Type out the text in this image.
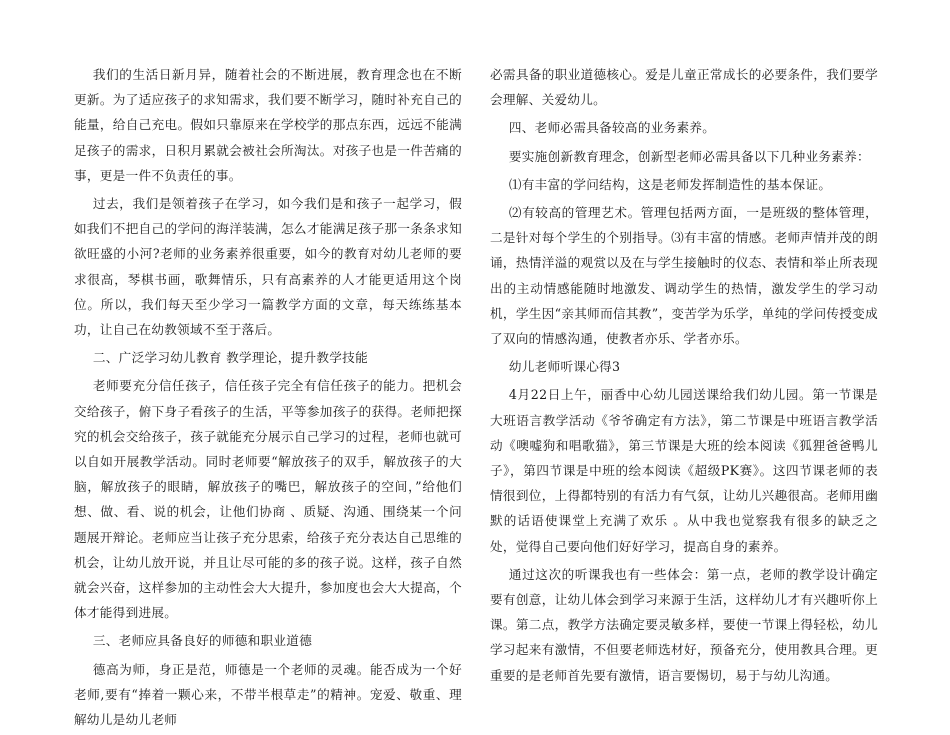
我们的生活日新月异，随着社会的不断进展，教育理念也在不断更新。为了适应孩子的求知需求，我们要不断学习，随时补充自己的能量，给自己充电。假如只靠原来在学校学的那点东西，远远不能满足孩子的需求，日积月累就会被社会所淘汰。对孩子也是一件苦痛的事，更是一件不负责任的事。

过去，我们是领着孩子在学习，如今我们是和孩子一起学习，假如我们不把自己的学问的海洋装满，怎么才能满足孩子那一条条求知欲旺盛的小河?老师的业务素养很重要，如今的教育对幼儿老师的要求很高，琴棋书画，歌舞情乐，只有高素养的人才能更适用这个岗位。所以，我们每天至少学习一篇教学方面的文章，每天练练基本功，让自己在幼教领域不至于落后。

二、广泛学习幼儿教育 教学理论，提升教学技能

老师要充分信任孩子，信任孩子完全有信任孩子的能力。把机会交给孩子，俯下身子看孩子的生活，平等参加孩子的获得。老师把探究的机会交给孩子，孩子就能充分展示自己学习的过程，老师也就可以自如开展教学活动。同时老师要“解放孩子的双手，解放孩子的大脑，解放孩子的眼睛，解放孩子的嘴巴，解放孩子的空间，”给他们想、做、看、说的机会，让他们协商 、质疑、沟通、围绕某一个问题展开辩论。老师应当让孩子充分思索，给孩子充分表达自己思维的机会，让幼儿放开说，并且让尽可能的多的孩子说。这样，孩子自然就会兴奋，这样参加的主动性会大大提升，参加度也会大大提高，个体才能得到进展。

三、老师应具备良好的师德和职业道德

德高为师，身正是范，师德是一个老师的灵魂。能否成为一个好老师,要有“捧着一颗心来，不带半根草走”的精神。宠爱、敬重、理解幼儿是幼儿老师

必需具备的职业道德核心。爱是儿童正常成长的必要条件，我们要学会理解、关爱幼儿。

四、老师必需具备较高的业务素养。

要实施创新教育理念，创新型老师必需具备以下几种业务素养：

⑴有丰富的学问结构，这是老师发挥制造性的基本保证。

⑵有较高的管理艺术。管理包括两方面，一是班级的整体管理，二是针对每个学生的个别指导。⑶有丰富的情感。老师声情并茂的朗诵，热情洋溢的观赏以及在与学生接触时的仪态、表情和举止所表现出的主动情感能随时地激发、调动学生的热情，激发学生的学习动机，学生因“亲其师而信其教”，变苦学为乐学，单纯的学问传授变成了双向的情感沟通，使教者亦乐、学者亦乐。

幼儿老师听课心得3

4月22日上午，丽香中心幼儿园送课给我们幼儿园。第一节课是大班语言教学活动《爷爷确定有方法》，第二节课是中班语言教学活动《噢嘘狗和唱歌猫》，第三节课是大班的绘本阅读《狐狸爸爸鸭儿子》，第四节课是中班的绘本阅读《超级PK赛》。这四节课老师的表情很到位，上得都特别的有活力有气氛，让幼儿兴趣很高。老师用幽默的话语使课堂上充满了欢乐 。从中我也觉察我有很多的缺乏之处，觉得自己要向他们好好学习，提高自身的素养。

通过这次的听课我也有一些体会：第一点，老师的教学设计确定要有创意，让幼儿体会到学习来源于生活，这样幼儿才有兴趣听你上课。第二点，教学方法确定要灵敏多样，要使一节课上得轻松，幼儿学习起来有激情，不但要老师选材好，预备充分，使用教具合理。更重要的是老师首先要有激情，语言要惕切，易于与幼儿沟通。
